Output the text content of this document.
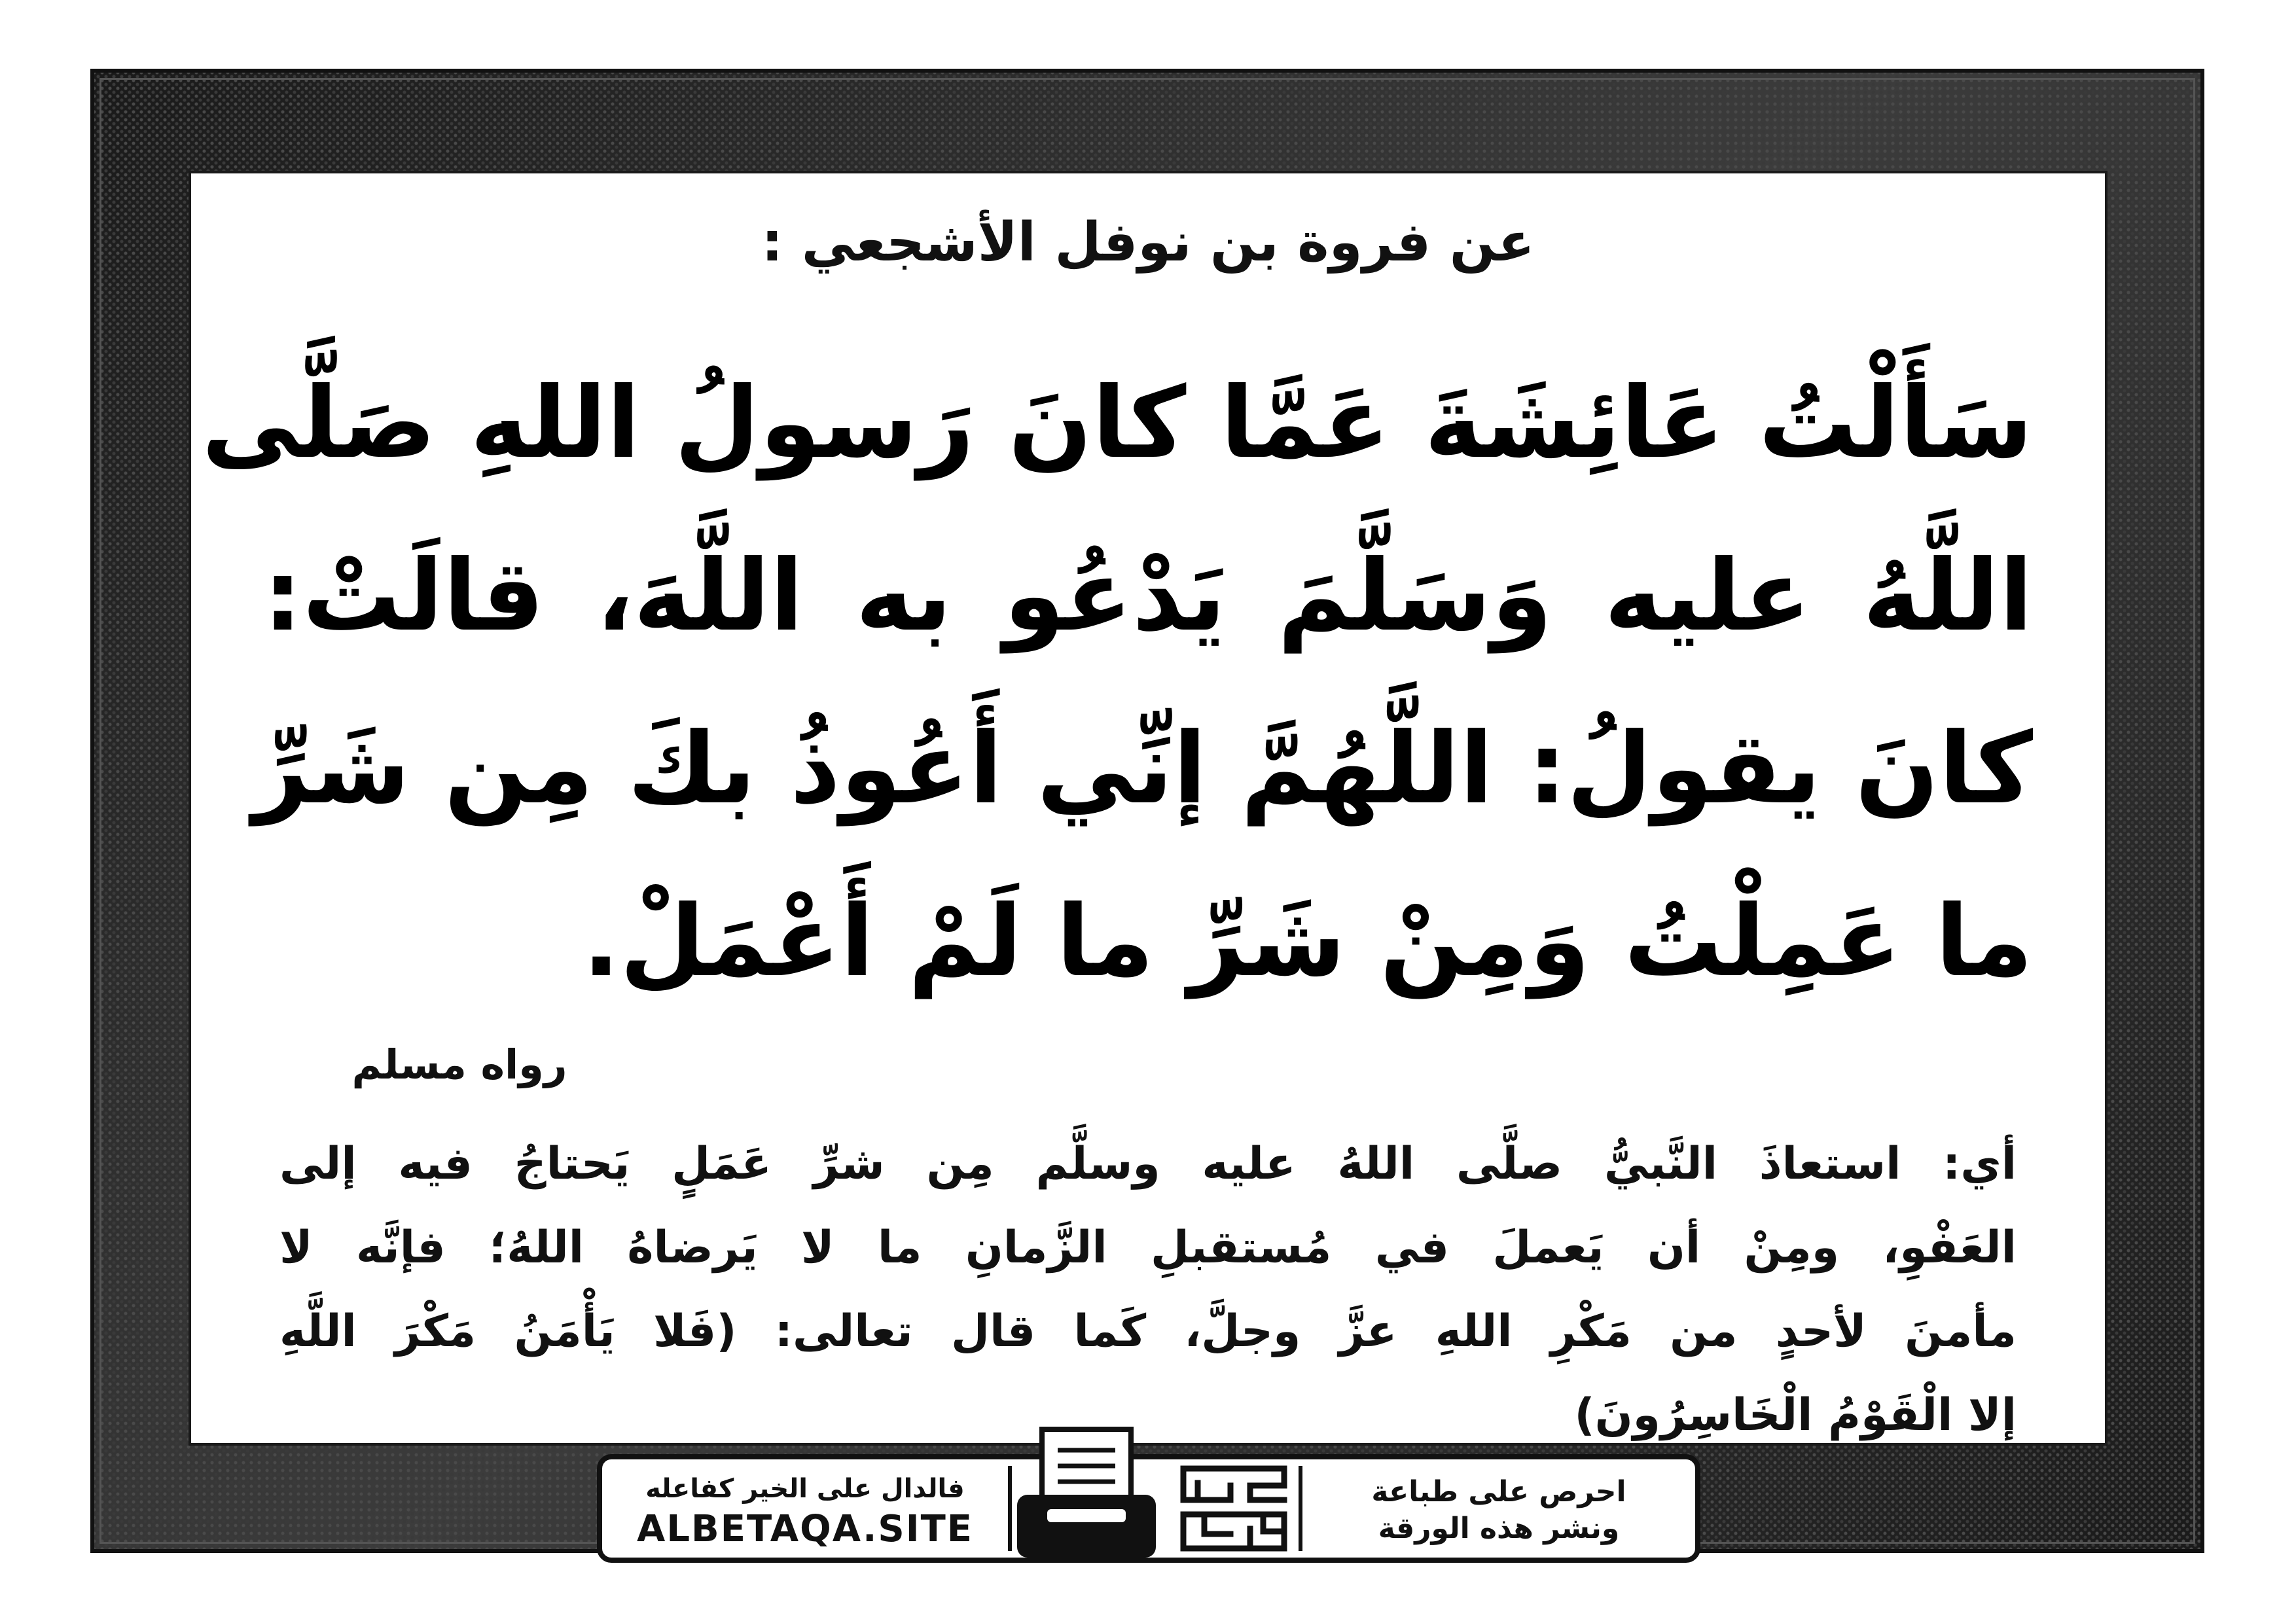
عن فروة بن نوفل الأشجعي :
سَأَلْتُ عَائِشَةَ عَمَّا كانَ رَسولُ اللهِ صَلَّى
اللَّهُ عليه وَسَلَّمَ يَدْعُو به اللَّهَ، قالَتْ:
كانَ يقولُ: اللَّهُمَّ إنِّي أَعُوذُ بكَ مِن شَرِّ
ما عَمِلْتُ وَمِنْ شَرِّ ما لَمْ أَعْمَلْ.
رواه مسلم
أي: استعاذَ النَّبيُّ صلَّى اللهُ عليه وسلَّم مِن شرِّ عَمَلٍ يَحتاجُ فيه إلى
العَفْوِ، ومِنْ أن يَعملَ في مُستقبلِ الزَّمانِ ما لا يَرضاهُ اللهُ؛ فإنَّه لا
مأمنَ لأحدٍ من مَكْرِ اللهِ عزَّ وجلَّ، كَما قال تعالى: (فَلا يَأْمَنُ مَكْرَ اللَّهِ
إلا الْقَوْمُ الْخَاسِرُونَ)
احرص على طباعة
ونشر هذه الورقة
فالدال على الخير كفاعله
ALBETAQA.SITE
